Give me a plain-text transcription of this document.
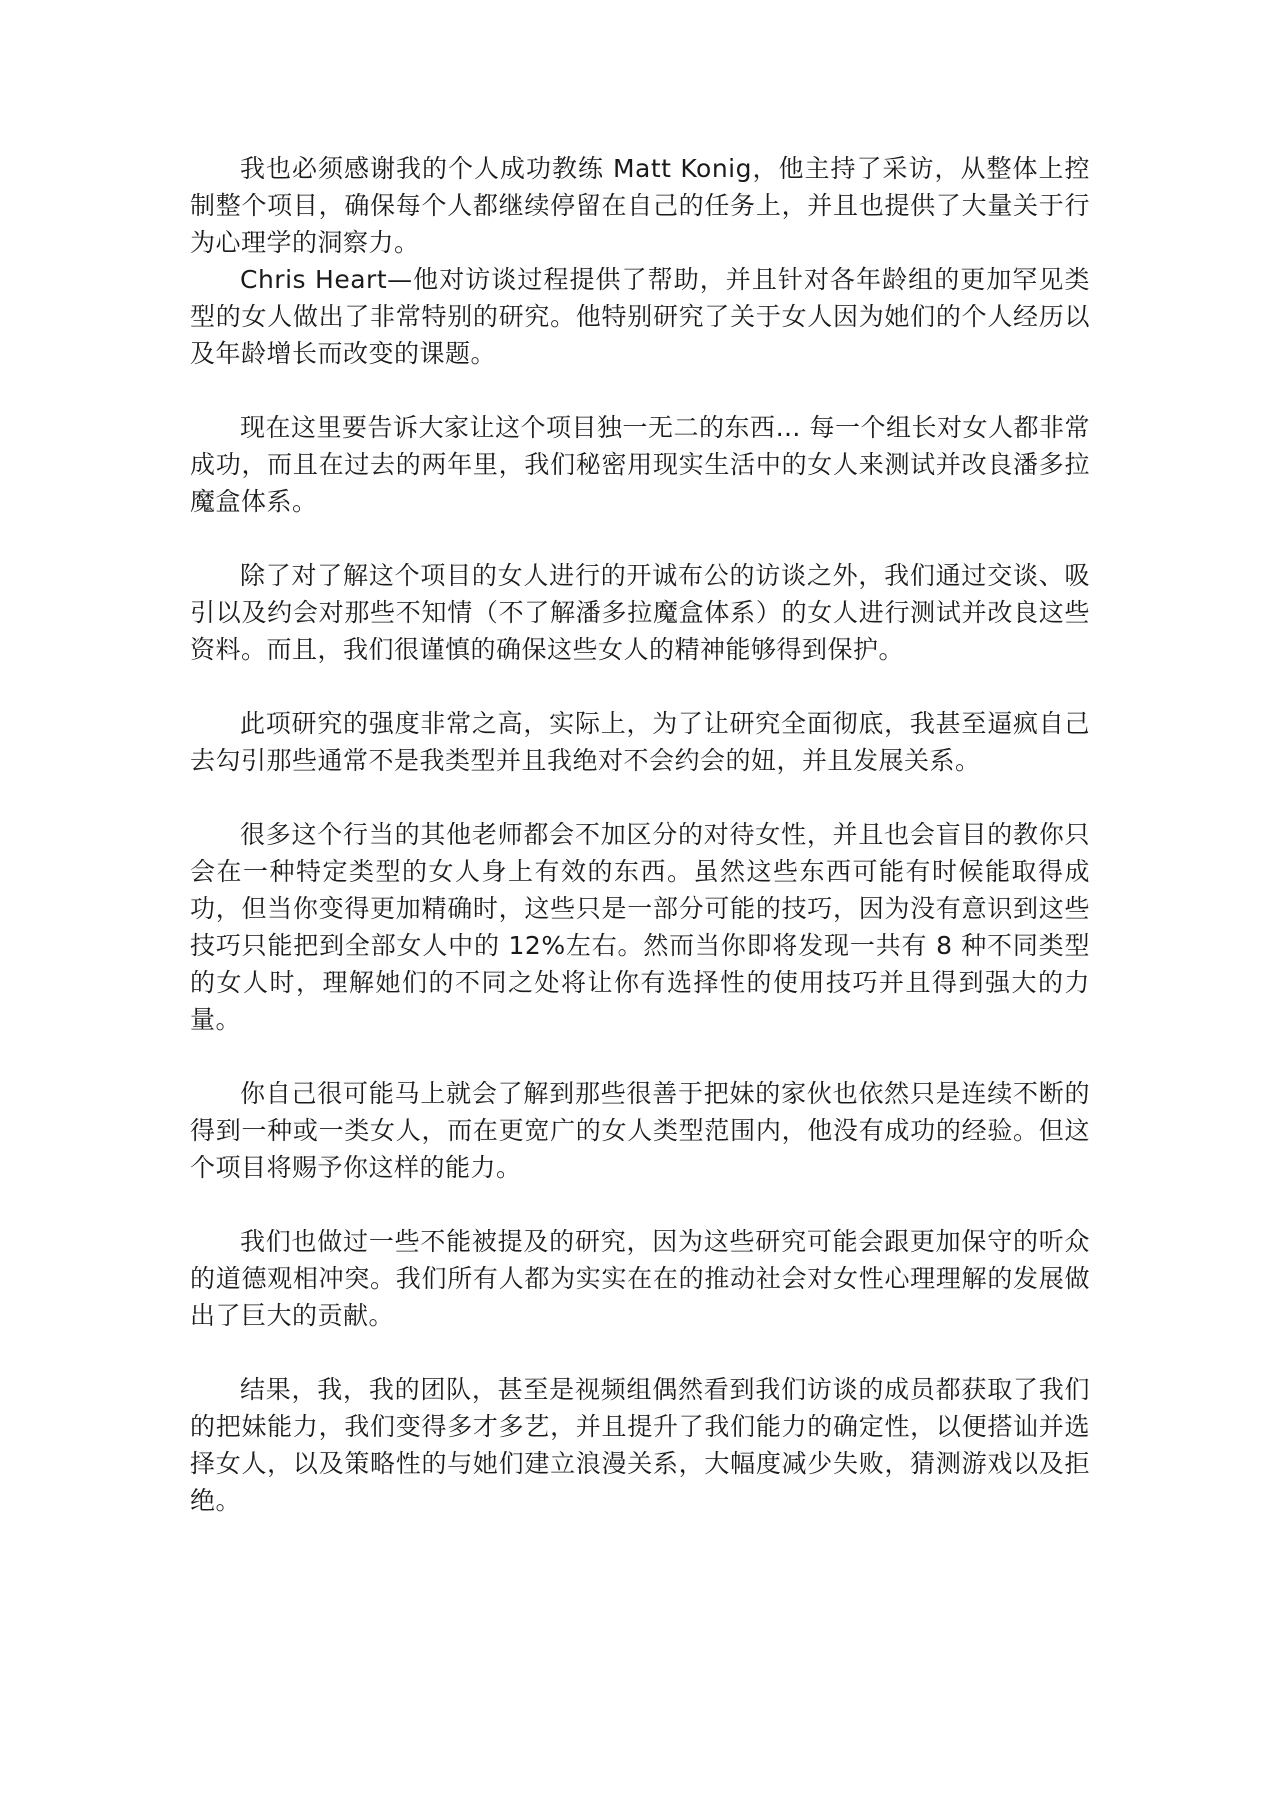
我也必须感谢我的个人成功教练 Matt Konig，他主持了采访，从整体上控制整个项目，确保每个人都继续停留在自己的任务上，并且也提供了大量关于行为心理学的洞察力。

Chris Heart—他对访谈过程提供了帮助，并且针对各年龄组的更加罕见类型的女人做出了非常特别的研究。他特别研究了关于女人因为她们的个人经历以及年龄增长而改变的课题。

现在这里要告诉大家让这个项目独一无二的东西… 每一个组长对女人都非常成功，而且在过去的两年里，我们秘密用现实生活中的女人来测试并改良潘多拉魔盒体系。

除了对了解这个项目的女人进行的开诚布公的访谈之外，我们通过交谈、吸引以及约会对那些不知情（不了解潘多拉魔盒体系）的女人进行测试并改良这些资料。而且，我们很谨慎的确保这些女人的精神能够得到保护。

此项研究的强度非常之高，实际上，为了让研究全面彻底，我甚至逼疯自己去勾引那些通常不是我类型并且我绝对不会约会的妞，并且发展关系。

很多这个行当的其他老师都会不加区分的对待女性，并且也会盲目的教你只会在一种特定类型的女人身上有效的东西。虽然这些东西可能有时候能取得成功，但当你变得更加精确时，这些只是一部分可能的技巧，因为没有意识到这些技巧只能把到全部女人中的 12%左右。然而当你即将发现一共有 8 种不同类型的女人时，理解她们的不同之处将让你有选择性的使用技巧并且得到强大的力量。

你自己很可能马上就会了解到那些很善于把妹的家伙也依然只是连续不断的得到一种或一类女人，而在更宽广的女人类型范围内，他没有成功的经验。但这个项目将赐予你这样的能力。

我们也做过一些不能被提及的研究，因为这些研究可能会跟更加保守的听众的道德观相冲突。我们所有人都为实实在在的推动社会对女性心理理解的发展做出了巨大的贡献。

结果，我，我的团队，甚至是视频组偶然看到我们访谈的成员都获取了我们的把妹能力，我们变得多才多艺，并且提升了我们能力的确定性，以便搭讪并选择女人，以及策略性的与她们建立浪漫关系，大幅度减少失败，猜测游戏以及拒绝。
